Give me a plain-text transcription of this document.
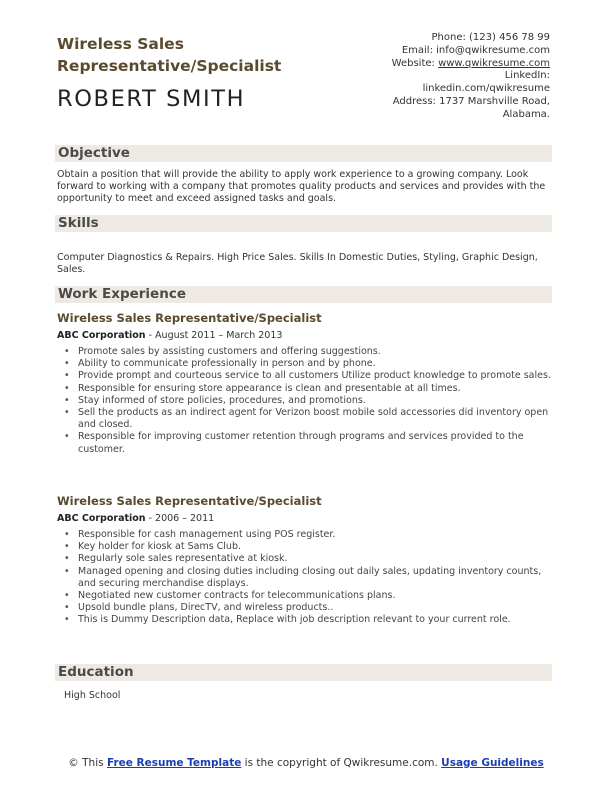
Wireless Sales
Representative/Specialist
ROBERT SMITH
Phone: (123) 456 78 99
Email: info@qwikresume.com
Website: www.qwikresume.com
LinkedIn:
linkedin.com/qwikresume
Address: 1737 Marshville Road,
Alabama.
Objective
Obtain a position that will provide the ability to apply work experience to a growing company. Look forward to working with a company that promotes quality products and services and provides with the opportunity to meet and exceed assigned tasks and goals.
Skills
Computer Diagnostics & Repairs. High Price Sales. Skills In Domestic Duties, Styling, Graphic Design, Sales.
Work Experience
Wireless Sales Representative/Specialist
ABC Corporation - August 2011 – March 2013
• Promote sales by assisting customers and offering suggestions.
• Ability to communicate professionally in person and by phone.
• Provide prompt and courteous service to all customers Utilize product knowledge to promote sales.
• Responsible for ensuring store appearance is clean and presentable at all times.
• Stay informed of store policies, procedures, and promotions.
• Sell the products as an indirect agent for Verizon boost mobile sold accessories did inventory open and closed.
• Responsible for improving customer retention through programs and services provided to the customer.
Wireless Sales Representative/Specialist
ABC Corporation - 2006 – 2011
• Responsible for cash management using POS register.
• Key holder for kiosk at Sams Club.
• Regularly sole sales representative at kiosk.
• Managed opening and closing duties including closing out daily sales, updating inventory counts, and securing merchandise displays.
• Negotiated new customer contracts for telecommunications plans.
• Upsold bundle plans, DirecTV, and wireless products..
• This is Dummy Description data, Replace with job description relevant to your current role.
Education
High School
© This Free Resume Template is the copyright of Qwikresume.com. Usage Guidelines
